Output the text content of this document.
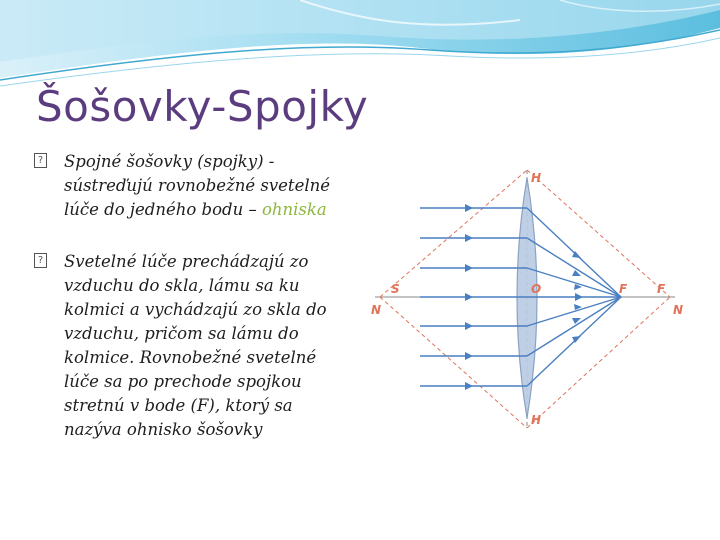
Šošovky-Spojky
? Spojné šošovky (spojky) - sústreďujú rovnobežné svetelné lúče do jedného bodu – ohniska
? Svetelné lúče prechádzajú zo vzduchu do skla, lámu sa ku kolmici a vychádzajú zo skla do vzduchu, pričom sa lámu do kolmice. Rovnobežné svetelné lúče sa po prechode spojkou stretnú v bode (F), ktorý sa nazýva ohnisko šošovky
H
H
S	O	F F
N	N
